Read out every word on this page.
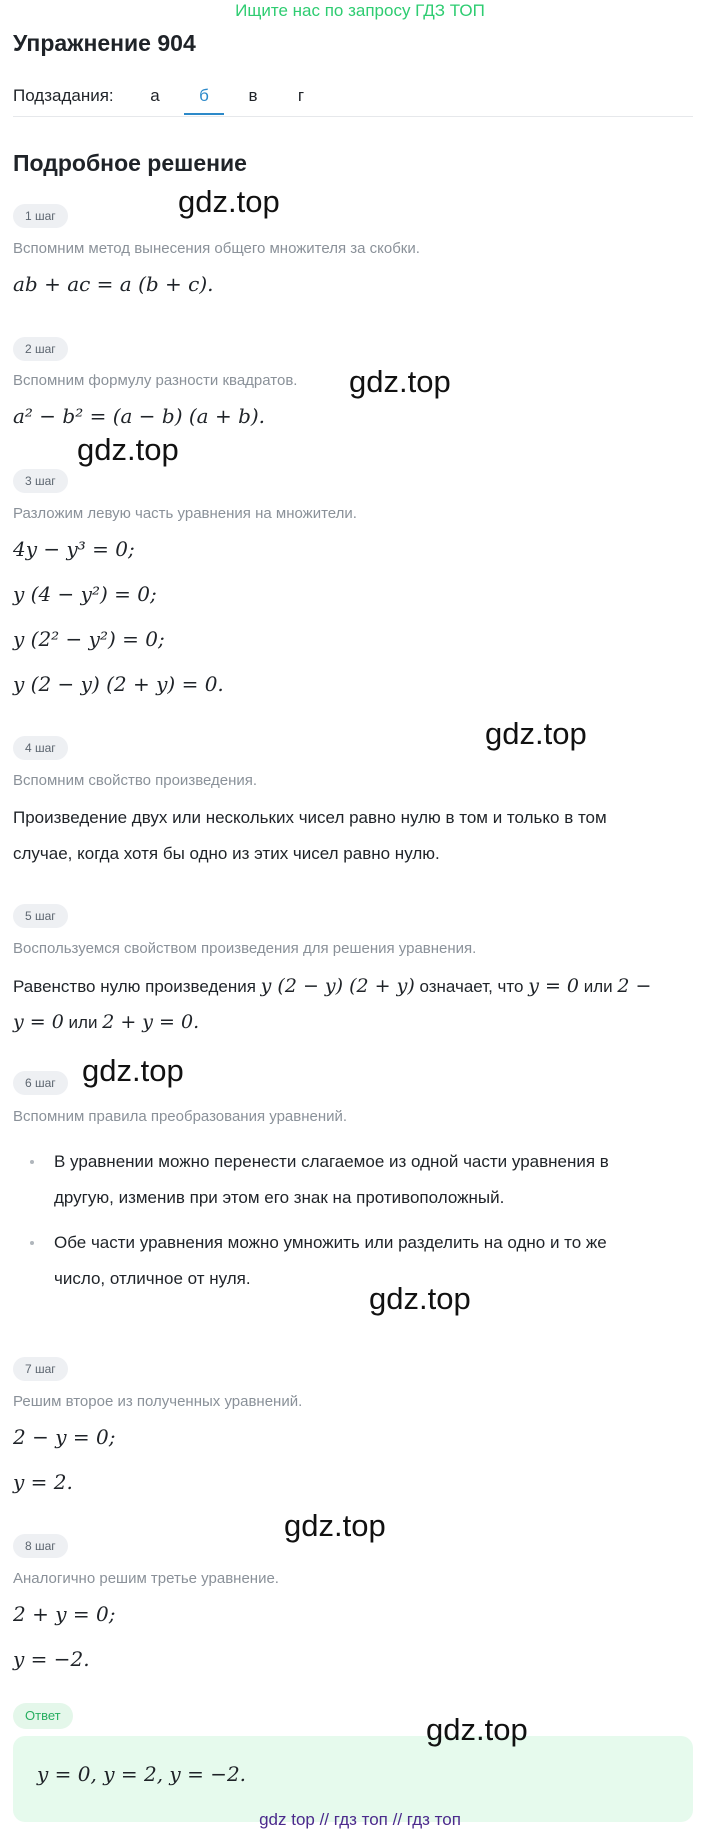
Ищите нас по запросу ГДЗ ТОП
Упражнение 904
Подзадания:	а	б	в	г
Подробное решение
1 шаг
Вспомним метод вынесения общего множителя за скобки.
ab + ac = a (b + c).
2 шаг
Вспомним формулу разности квадратов.
a² − b² = (a − b) (a + b).
3 шаг
Разложим левую часть уравнения на множители.
4y − y³ = 0;
y (4 − y²) = 0;
y (2² − y²) = 0;
y (2 − y) (2 + y) = 0.
4 шаг
Вспомним свойство произведения.
Произведение двух или нескольких чисел равно нулю в том и только в том
случае, когда хотя бы одно из этих чисел равно нулю.
5 шаг
Воспользуемся свойством произведения для решения уравнения.
Равенство нулю произведения y (2 − y) (2 + y) означает, что y = 0 или 2 −
y = 0 или 2 + y = 0.
6 шаг
Вспомним правила преобразования уравнений.
В уравнении можно перенести слагаемое из одной части уравнения в
другую, изменив при этом его знак на противоположный.
Обе части уравнения можно умножить или разделить на одно и то же
число, отличное от нуля.
7 шаг
Решим второе из полученных уравнений.
2 − y = 0;
y = 2.
8 шаг
Аналогично решим третье уравнение.
2 + y = 0;
y = −2.
Ответ
y = 0, y = 2, y = −2.
gdz.top
gdz.top
gdz.top
gdz.top
gdz.top
gdz.top
gdz.top
gdz.top
gdz top // гдз топ // гдз топ
